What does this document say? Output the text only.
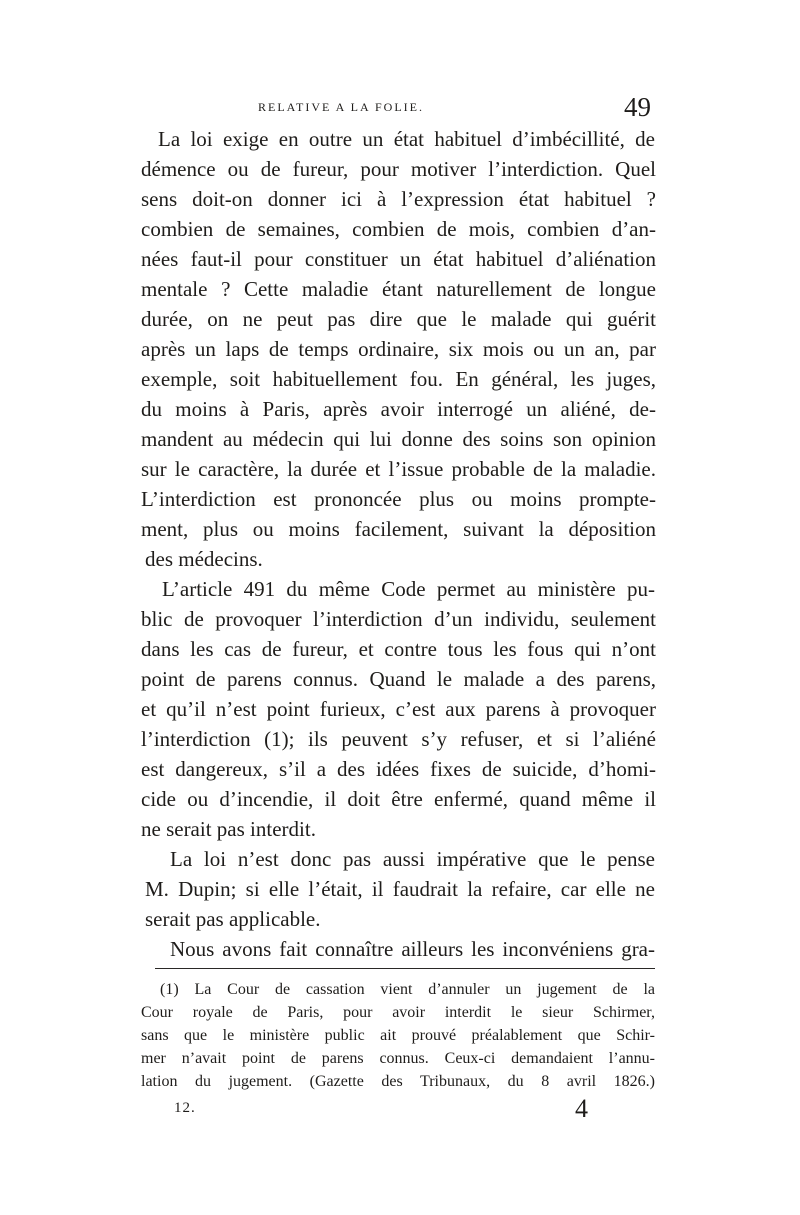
RELATIVE A LA FOLIE.	49
La loi exige en outre un état habituel d’imbécillité, de
démence ou de fureur, pour motiver l’interdiction. Quel
sens doit-on donner ici à l’expression état habituel ?
combien de semaines, combien de mois, combien d’an-
nées faut-il pour constituer un état habituel d’aliénation
mentale ? Cette maladie étant naturellement de longue
durée, on ne peut pas dire que le malade qui guérit
après un laps de temps ordinaire, six mois ou un an, par
exemple, soit habituellement fou. En général, les juges,
du moins à Paris, après avoir interrogé un aliéné, de-
mandent au médecin qui lui donne des soins son opinion
sur le caractère, la durée et l’issue probable de la maladie.
L’interdiction est prononcée plus ou moins prompte-
ment, plus ou moins facilement, suivant la déposition
des médecins.
L’article 491 du même Code permet au ministère pu-
blic de provoquer l’interdiction d’un individu, seulement
dans les cas de fureur, et contre tous les fous qui n’ont
point de parens connus. Quand le malade a des parens,
et qu’il n’est point furieux, c’est aux parens à provoquer
l’interdiction (1); ils peuvent s’y refuser, et si l’aliéné
est dangereux, s’il a des idées fixes de suicide, d’homi-
cide ou d’incendie, il doit être enfermé, quand même il
ne serait pas interdit.
La loi n’est donc pas aussi impérative que le pense
M. Dupin; si elle l’était, il faudrait la refaire, car elle ne
serait pas applicable.
Nous avons fait connaître ailleurs les inconvéniens gra-
(1) La Cour de cassation vient d’annuler un jugement de la
Cour royale de Paris, pour avoir interdit le sieur Schirmer,
sans que le ministère public ait prouvé préalablement que Schir-
mer n’avait point de parens connus. Ceux-ci demandaient l’annu-
lation du jugement. (Gazette des Tribunaux, du 8 avril 1826.)
12.	4
